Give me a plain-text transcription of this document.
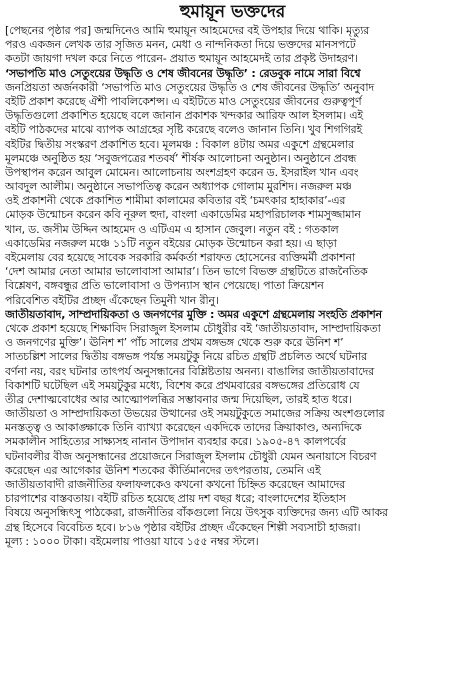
হুমায়ূন ভক্তদের
[পেছনের পৃষ্ঠার পর] জন্মদিনেও আমি হুমায়ূন আহমেদের বই উপহার দিয়ে থাকি। মৃত্যুর
পরও একজন লেখক তার সৃজিত মনন, মেধা ও নান্দনিকতা দিয়ে ভক্তদের মানসপটে
কতটা জায়গা দখল করে নিতে পারেন- প্রয়াত হুমায়ূন আহমেদই তার প্রকৃষ্ট উদাহরণ।
‘সভাপতি মাও সেতুংয়ের উদ্ধৃতি ও শেষ জীবনের উদ্ধৃতি’ : রেডবুক নামে সারা বিশ্বে
জনপ্রিয়তা অর্জনকারী ‘সভাপতি মাও সেতুংয়ের উদ্ধৃতি ও শেষ জীবনের উদ্ধৃতি’ অনুবাদ
বইটি প্রকাশ করেছে ঐশী পাবলিকেশন্স। এ বইটিতে মাও সেতুংয়ের জীবনের গুরুত্বপূর্ণ
উদ্ধৃতিগুলো প্রকাশিত হয়েছে বলে জানান প্রকাশক খন্দকার আরিফ আল ইসলাম। এই
বইটি পাঠকদের মাঝে ব্যাপক আগ্রহের সৃষ্টি করেছে বলেও জানান তিনি। খুব শিগগিরই
বইটির দ্বিতীয় সংস্করণ প্রকাশিত হবে। মূলমঞ্চ : বিকাল ৪টায় অমর একুশে গ্রন্থমেলার
মূলমঞ্চে অনুষ্ঠিত হয় ‘সবুজপত্রের শতবর্ষ’ শীর্ষক আলোচনা অনুষ্ঠান। অনুষ্ঠানে প্রবন্ধ
উপস্থাপন করেন আবুল মোমেন। আলোচনায় অংশগ্রহণ করেন ড. ইসরাইল খান এবং
আবদুল আলীম। অনুষ্ঠানে সভাপতিত্ব করেন অধ্যাপক গোলাম মুরশিদ। নজরুল মঞ্চ
ওই প্রকাশনী থেকে প্রকাশিত শামীমা কালামের কবিতার বই ‘চমৎকার হাহাকার’-এর
মোড়ক উন্মোচন করেন কবি নূরুল হুদা, বাংলা একাডেমির মহাপরিচালক শামসুজ্জামান
খান, ড. জসীম উদ্দিন আহমেদ ও এটিএম এ হাসান জেবুল। নতুন বই : গতকাল
একাডেমির নজরুল মঞ্চে ১১টি নতুন বইয়ের মোড়ক উন্মোচন করা হয়। এ ছাড়া
বইমেলায় বের হয়েছে সাবেক সরকারি কর্মকর্তা শরাফত হোসেনের ব্যক্তিমর্মী প্রকাশনা
‘দেশ আমার নেতা আমার ভালোবাসা আমার’। তিন ভাগে বিভক্ত গ্রন্থটিতে রাজনৈতিক
বিশ্লেষণ, বঙ্গবন্ধুর প্রতি ভালোবাসা ও উপন্যাস স্থান পেয়েছে। পাতা ক্রিয়েশন
পরিবেশিত বইটির প্রচ্ছদ এঁকেছেন তিমুনী খান রীনু।
জাতীয়তাবাদ, সাম্প্রদায়িকতা ও জনগণের মুক্তি : অমর একুশে গ্রন্থমেলায় সংহতি প্রকাশন
থেকে প্রকাশ হয়েছে শিক্ষাবিদ সিরাজুল ইসলাম চৌধুরীর বই ‘জাতীয়তাবাদ, সাম্প্রদায়িকতা
ও জনগণের মুক্তি’। ঊনিশ শ’ পাঁচ সালের প্রথম বঙ্গভঙ্গ থেকে শুরু করে ঊনিশ শ’
সাতচল্লিশ সালের দ্বিতীয় বঙ্গভঙ্গ পর্যন্ত সময়টুকু নিয়ে রচিত গ্রন্থটি প্রচলিত অর্থে ঘটনার
বর্ণনা নয়, বরং ঘটনার তাৎপর্য অনুসন্ধানের বিশ্লিষ্টতায় অনন্য। বাঙালির জাতীয়তাবাদের
বিকাশটি ঘটেছিল এই সময়টুকুর মধ্যে, বিশেষ করে প্রথমবারের বঙ্গভঙ্গের প্রতিরোধ যে
তীব্র দেশাত্মবোধের আর আত্মোপলব্ধির সম্ভাবনার জন্ম দিয়েছিল, তারই হাত ধরে।
জাতীয়তা ও সাম্প্রদায়িকতা উভয়ের উত্থানের ওই সময়টুকুতে সমাজের সক্রিয় অংশগুলোর
মনস্তত্ত্ব ও আকাঙ্ক্ষাকে তিনি ব্যাখ্যা করেছেন একদিকে তাদের ক্রিয়াকাণ্ড, অন্যদিকে
সমকালীন সাহিত্যের সাক্ষ্যসহ নানান উপাদান ব্যবহার করে। ১৯০৫-৪৭ কালপর্বের
ঘটনাবলীর বীজ অনুসন্ধানের প্রয়োজনে সিরাজুল ইসলাম চৌধুরী যেমন অনায়াসে বিচরণ
করেছেন এর আগেকার ঊনিশ শতকের কীর্তিমানদের তৎপরতায়, তেমনি এই
জাতীয়তাবাদী রাজনীতির ফলাফলকেও কখনো কখনো চিহ্নিত করেছেন আমাদের
চারপাশের বাস্তবতায়। বইটি রচিত হয়েছে প্রায় দশ বছর ধরে; বাংলাদেশের ইতিহাস
বিষয়ে অনুসন্ধিৎসু পাঠকেরা, রাজনীতির বাঁকগুলো নিয়ে উৎসুক ব্যক্তিদের জন্য এটি আকর
গ্রন্থ হিসেবে বিবেচিত হবে। ৮১৬ পৃষ্ঠার বইটির প্রচ্ছদ এঁকেছেন শিল্পী সব্যসাচী হাজরা।
মূল্য : ১০০০ টাকা। বইমেলায় পাওয়া যাবে ১৫৫ নম্বর স্টলে।
